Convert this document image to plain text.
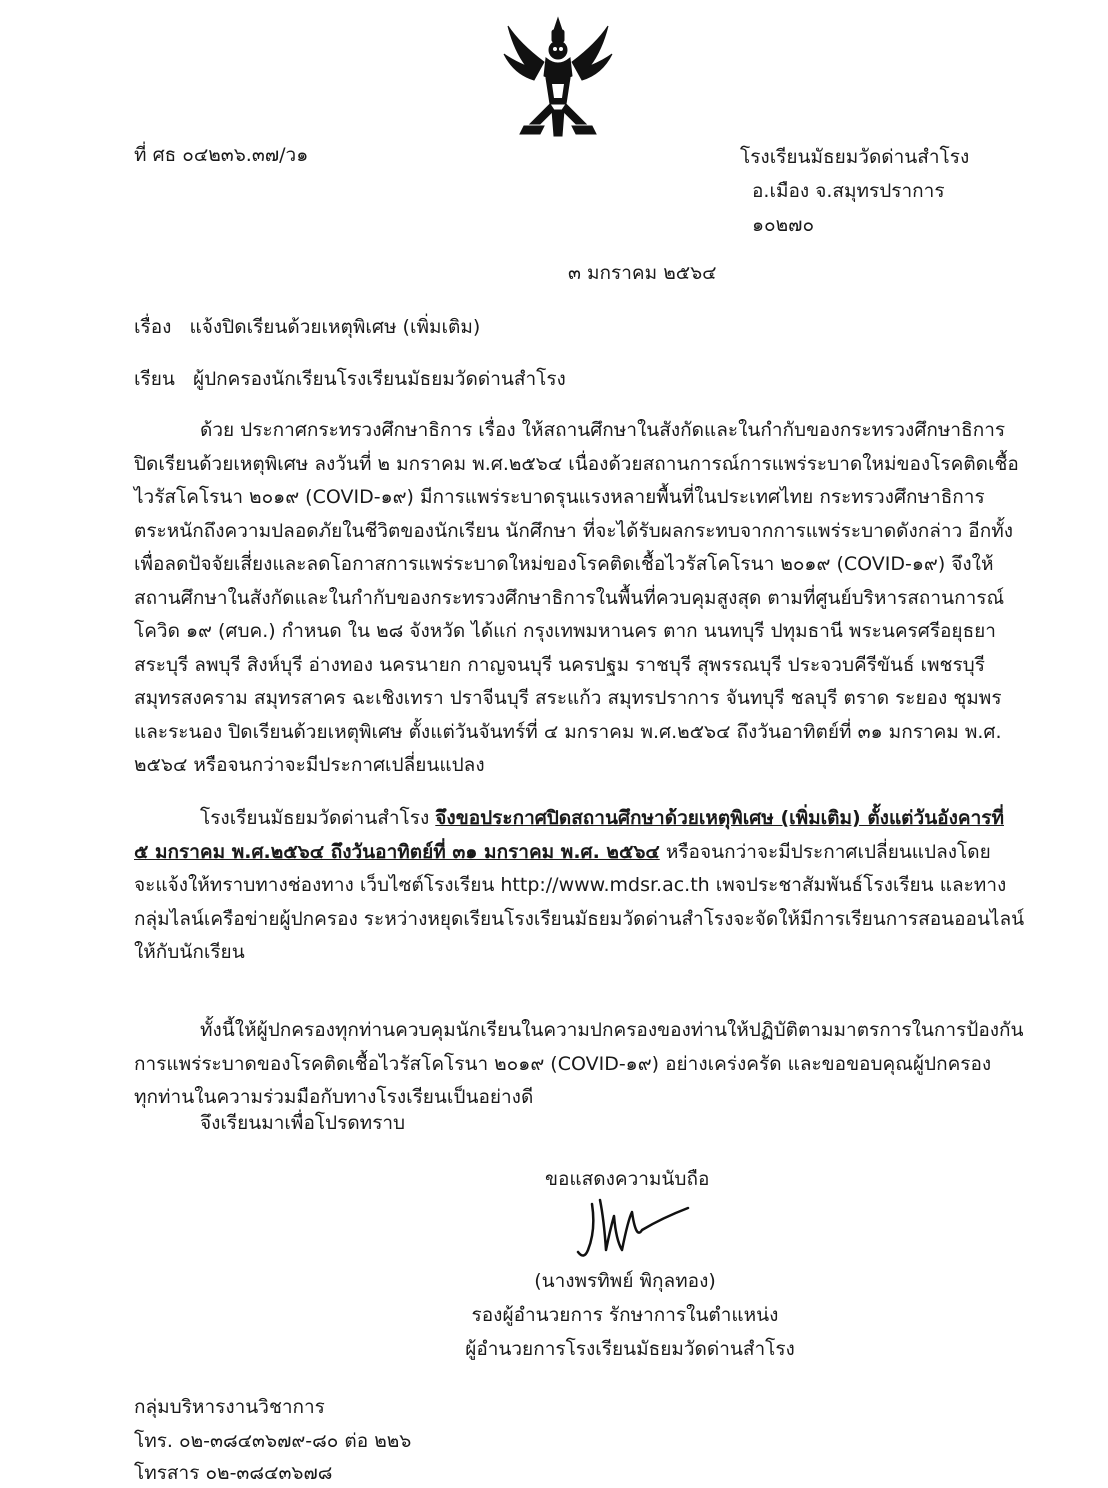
ที่ ศธ ๐๔๒๓๖.๓๗/ว๑	โรงเรียนมัธยมวัดด่านสำโรง
อ.เมือง จ.สมุทรปราการ
๑๐๒๗๐
๓ มกราคม ๒๕๖๔
เรื่อง แจ้งปิดเรียนด้วยเหตุพิเศษ (เพิ่มเติม)
เรียน ผู้ปกครองนักเรียนโรงเรียนมัธยมวัดด่านสำโรง
ด้วย ประกาศกระทรวงศึกษาธิการ เรื่อง ให้สถานศึกษาในสังกัดและในกำกับของกระทรวงศึกษาธิการ
ปิดเรียนด้วยเหตุพิเศษ ลงวันที่ ๒ มกราคม พ.ศ.๒๕๖๔ เนื่องด้วยสถานการณ์การแพร่ระบาดใหม่ของโรคติดเชื้อ
ไวรัสโคโรนา ๒๐๑๙ (COVID-๑๙) มีการแพร่ระบาดรุนแรงหลายพื้นที่ในประเทศไทย กระทรวงศึกษาธิการ
ตระหนักถึงความปลอดภัยในชีวิตของนักเรียน นักศึกษา ที่จะได้รับผลกระทบจากการแพร่ระบาดดังกล่าว อีกทั้ง
เพื่อลดปัจจัยเสี่ยงและลดโอกาสการแพร่ระบาดใหม่ของโรคติดเชื้อไวรัสโคโรนา ๒๐๑๙ (COVID-๑๙) จึงให้
สถานศึกษาในสังกัดและในกำกับของกระทรวงศึกษาธิการในพื้นที่ควบคุมสูงสุด ตามที่ศูนย์บริหารสถานการณ์
โควิด ๑๙ (ศบค.) กำหนด ใน ๒๘ จังหวัด ได้แก่ กรุงเทพมหานคร ตาก นนทบุรี ปทุมธานี พระนครศรีอยุธยา
สระบุรี ลพบุรี สิงห์บุรี อ่างทอง นครนายก กาญจนบุรี นครปฐม ราชบุรี สุพรรณบุรี ประจวบคีรีขันธ์ เพชรบุรี
สมุทรสงคราม สมุทรสาคร ฉะเชิงเทรา ปราจีนบุรี สระแก้ว สมุทรปราการ จันทบุรี ชลบุรี ตราด ระยอง ชุมพร
และระนอง ปิดเรียนด้วยเหตุพิเศษ ตั้งแต่วันจันทร์ที่ ๔ มกราคม พ.ศ.๒๕๖๔ ถึงวันอาทิตย์ที่ ๓๑ มกราคม พ.ศ.
๒๕๖๔ หรือจนกว่าจะมีประกาศเปลี่ยนแปลง
โรงเรียนมัธยมวัดด่านสำโรง จึงขอประกาศปิดสถานศึกษาด้วยเหตุพิเศษ (เพิ่มเติม) ตั้งแต่วันอังคารที่
๕ มกราคม พ.ศ.๒๕๖๔ ถึงวันอาทิตย์ที่ ๓๑ มกราคม พ.ศ. ๒๕๖๔ หรือจนกว่าจะมีประกาศเปลี่ยนแปลงโดย
จะแจ้งให้ทราบทางช่องทาง เว็บไซต์โรงเรียน http://www.mdsr.ac.th เพจประชาสัมพันธ์โรงเรียน และทาง
กลุ่มไลน์เครือข่ายผู้ปกครอง ระหว่างหยุดเรียนโรงเรียนมัธยมวัดด่านสำโรงจะจัดให้มีการเรียนการสอนออนไลน์
ให้กับนักเรียน
ทั้งนี้ให้ผู้ปกครองทุกท่านควบคุมนักเรียนในความปกครองของท่านให้ปฏิบัติตามมาตรการในการป้องกัน
การแพร่ระบาดของโรคติดเชื้อไวรัสโคโรนา ๒๐๑๙ (COVID-๑๙) อย่างเคร่งครัด และขอขอบคุณผู้ปกครอง
ทุกท่านในความร่วมมือกับทางโรงเรียนเป็นอย่างดี
จึงเรียนมาเพื่อโปรดทราบ
ขอแสดงความนับถือ
(นางพรทิพย์ พิกุลทอง)
รองผู้อำนวยการ รักษาการในตำแหน่ง
ผู้อำนวยการโรงเรียนมัธยมวัดด่านสำโรง
กลุ่มบริหารงานวิชาการ
โทร. ๐๒-๓๘๔๓๖๗๙-๘๐ ต่อ ๒๒๖
โทรสาร ๐๒-๓๘๔๓๖๗๘
